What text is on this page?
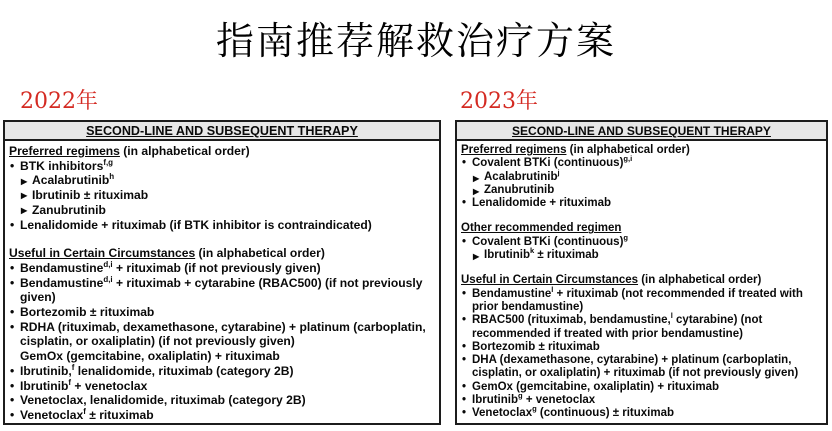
指南推荐解救治疗方案
2022年	2023年
SECOND-LINE AND SUBSEQUENT THERAPY
Preferred regimens (in alphabetical order)
• BTK inhibitors$^{f,g}$
▶ Acalabrutinib$^h$
▶ Ibrutinib ± rituximab
▶ Zanubrutinib
• Lenalidomide + rituximab (if BTK inhibitor is contraindicated)
Useful in Certain Circumstances (in alphabetical order)
• Bendamustine$^{d,i}$ + rituximab (if not previously given)
• Bendamustine$^{d,i}$ + rituximab + cytarabine (RBAC500) (if not previously given)
• Bortezomib ± rituximab
• RDHA (rituximab, dexamethasone, cytarabine) + platinum (carboplatin, cisplatin, or oxaliplatin) (if not previously given)
GemOx (gemcitabine, oxaliplatin) + rituximab
• Ibrutinib,$^f$ lenalidomide, rituximab (category 2B)
• Ibrutinib$^f$ + venetoclax
• Venetoclax, lenalidomide, rituximab (category 2B)
• Venetoclax$^f$ ± rituximab
SECOND-LINE AND SUBSEQUENT THERAPY
Preferred regimens (in alphabetical order)
• Covalent BTKi (continuous)$^{g,i}$
▶ Acalabrutinib$^j$
▶ Zanubrutinib
• Lenalidomide + rituximab
Other recommended regimen
• Covalent BTKi (continuous)$^g$
▶ Ibrutinib$^k$ ± rituximab
Useful in Certain Circumstances (in alphabetical order)
• Bendamustine$^l$ + rituximab (not recommended if treated with prior bendamustine)
• RBAC500 (rituximab, bendamustine,$^l$ cytarabine) (not recommended if treated with prior bendamustine)
• Bortezomib ± rituximab
• DHA (dexamethasone, cytarabine) + platinum (carboplatin, cisplatin, or oxaliplatin) + rituximab (if not previously given)
• GemOx (gemcitabine, oxaliplatin) + rituximab
• Ibrutinib$^g$ + venetoclax
• Venetoclax$^g$ (continuous) ± rituximab
